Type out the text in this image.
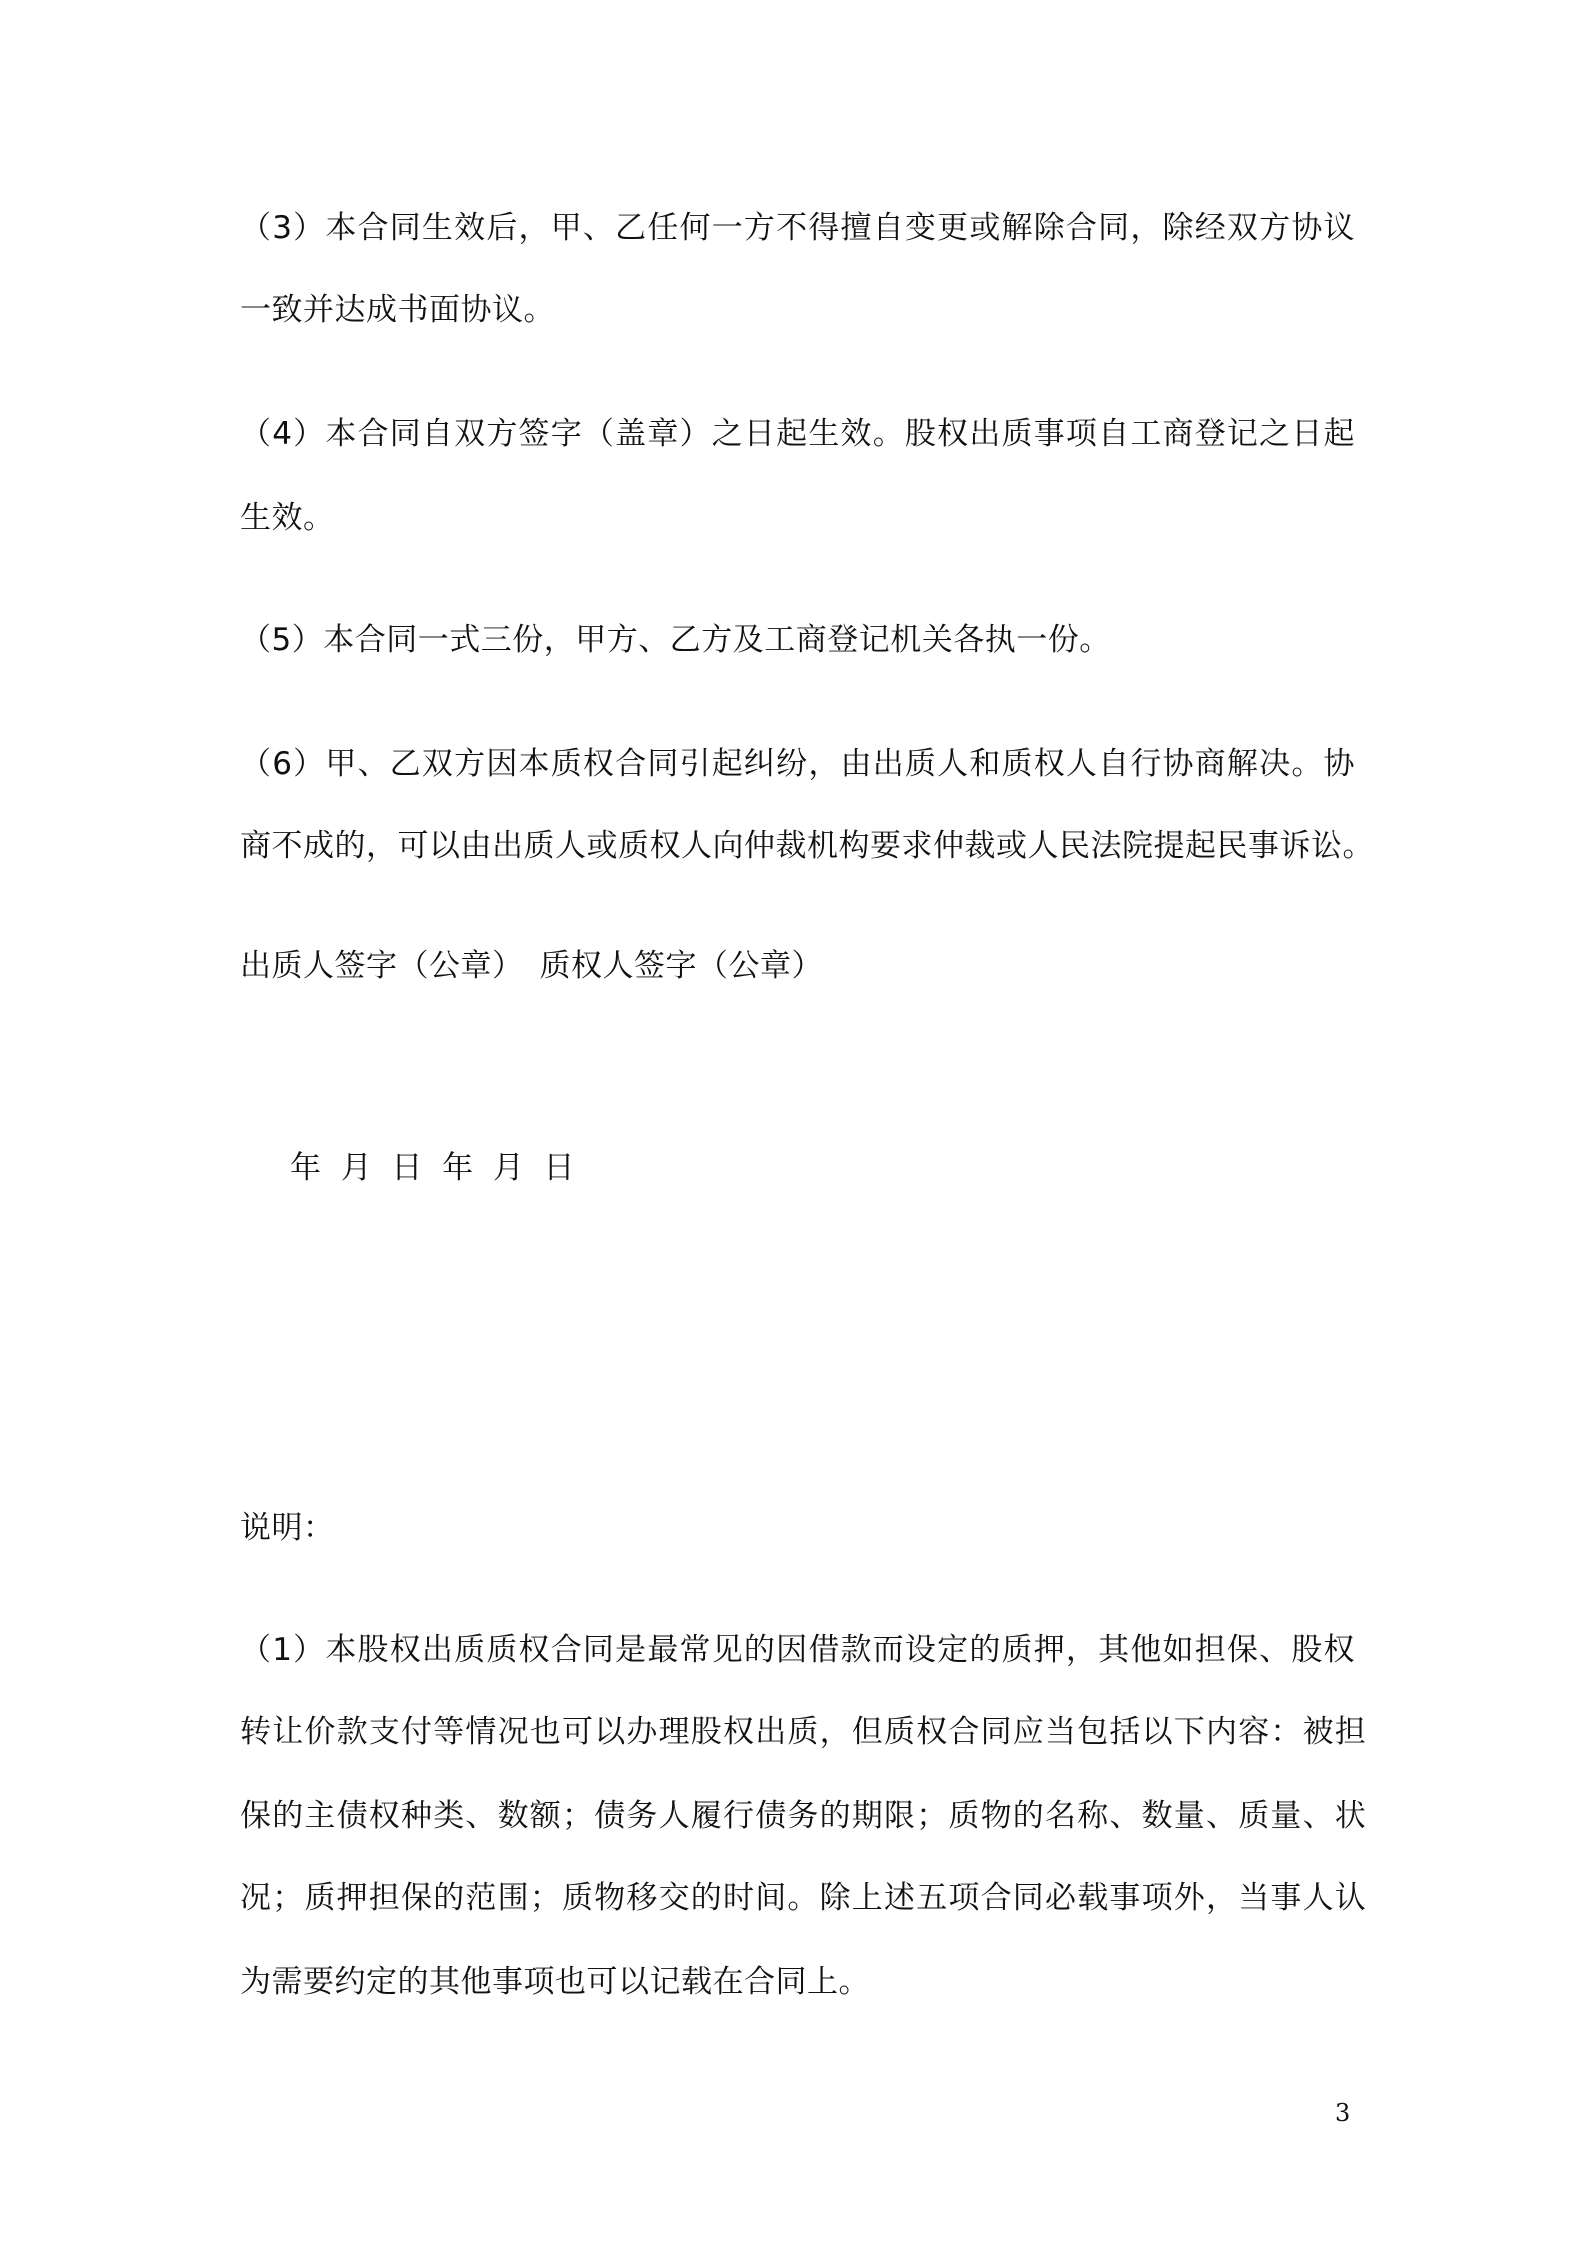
（3）本合同生效后，甲、乙任何一方不得擅自变更或解除合同，除经双方协议
一致并达成书面协议。
（4）本合同自双方签字（盖章）之日起生效。股权出质事项自工商登记之日起
生效。
（5）本合同一式三份，甲方、乙方及工商登记机关各执一份。
（6）甲、乙双方因本质权合同引起纠纷，由出质人和质权人自行协商解决。协
商不成的，可以由出质人或质权人向仲裁机构要求仲裁或人民法院提起民事诉讼。
出质人签字（公章）　质权人签字（公章）
年  月  日  年  月  日
说明：
（1）本股权出质质权合同是最常见的因借款而设定的质押，其他如担保、股权
转让价款支付等情况也可以办理股权出质，但质权合同应当包括以下内容：被担
保的主债权种类、数额；债务人履行债务的期限；质物的名称、数量、质量、状
况；质押担保的范围；质物移交的时间。除上述五项合同必载事项外，当事人认
为需要约定的其他事项也可以记载在合同上。
3
